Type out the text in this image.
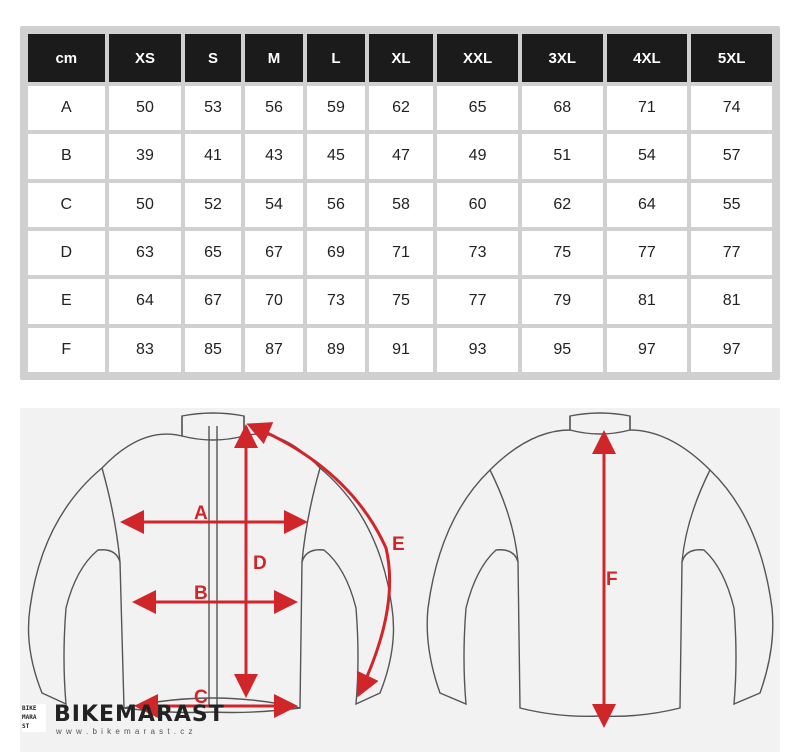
cm	XS	S	M	L	XL	XXL	3XL	4XL	5XL
A	50	53	56	59	62	65	68	71	74
B	39	41	43	45	47	49	51	54	57
C	50	52	54	56	58	60	62	64	55
D	63	65	67	69	71	73	75	77	77
E	64	67	70	73	75	77	79	81	81
F	83	85	87	89	91	93	95	97	97
A
B
C
D
E
F
BIKE
MARA
ST	BIKEMARAST
w w w . b i k e m a r a s t . c z
